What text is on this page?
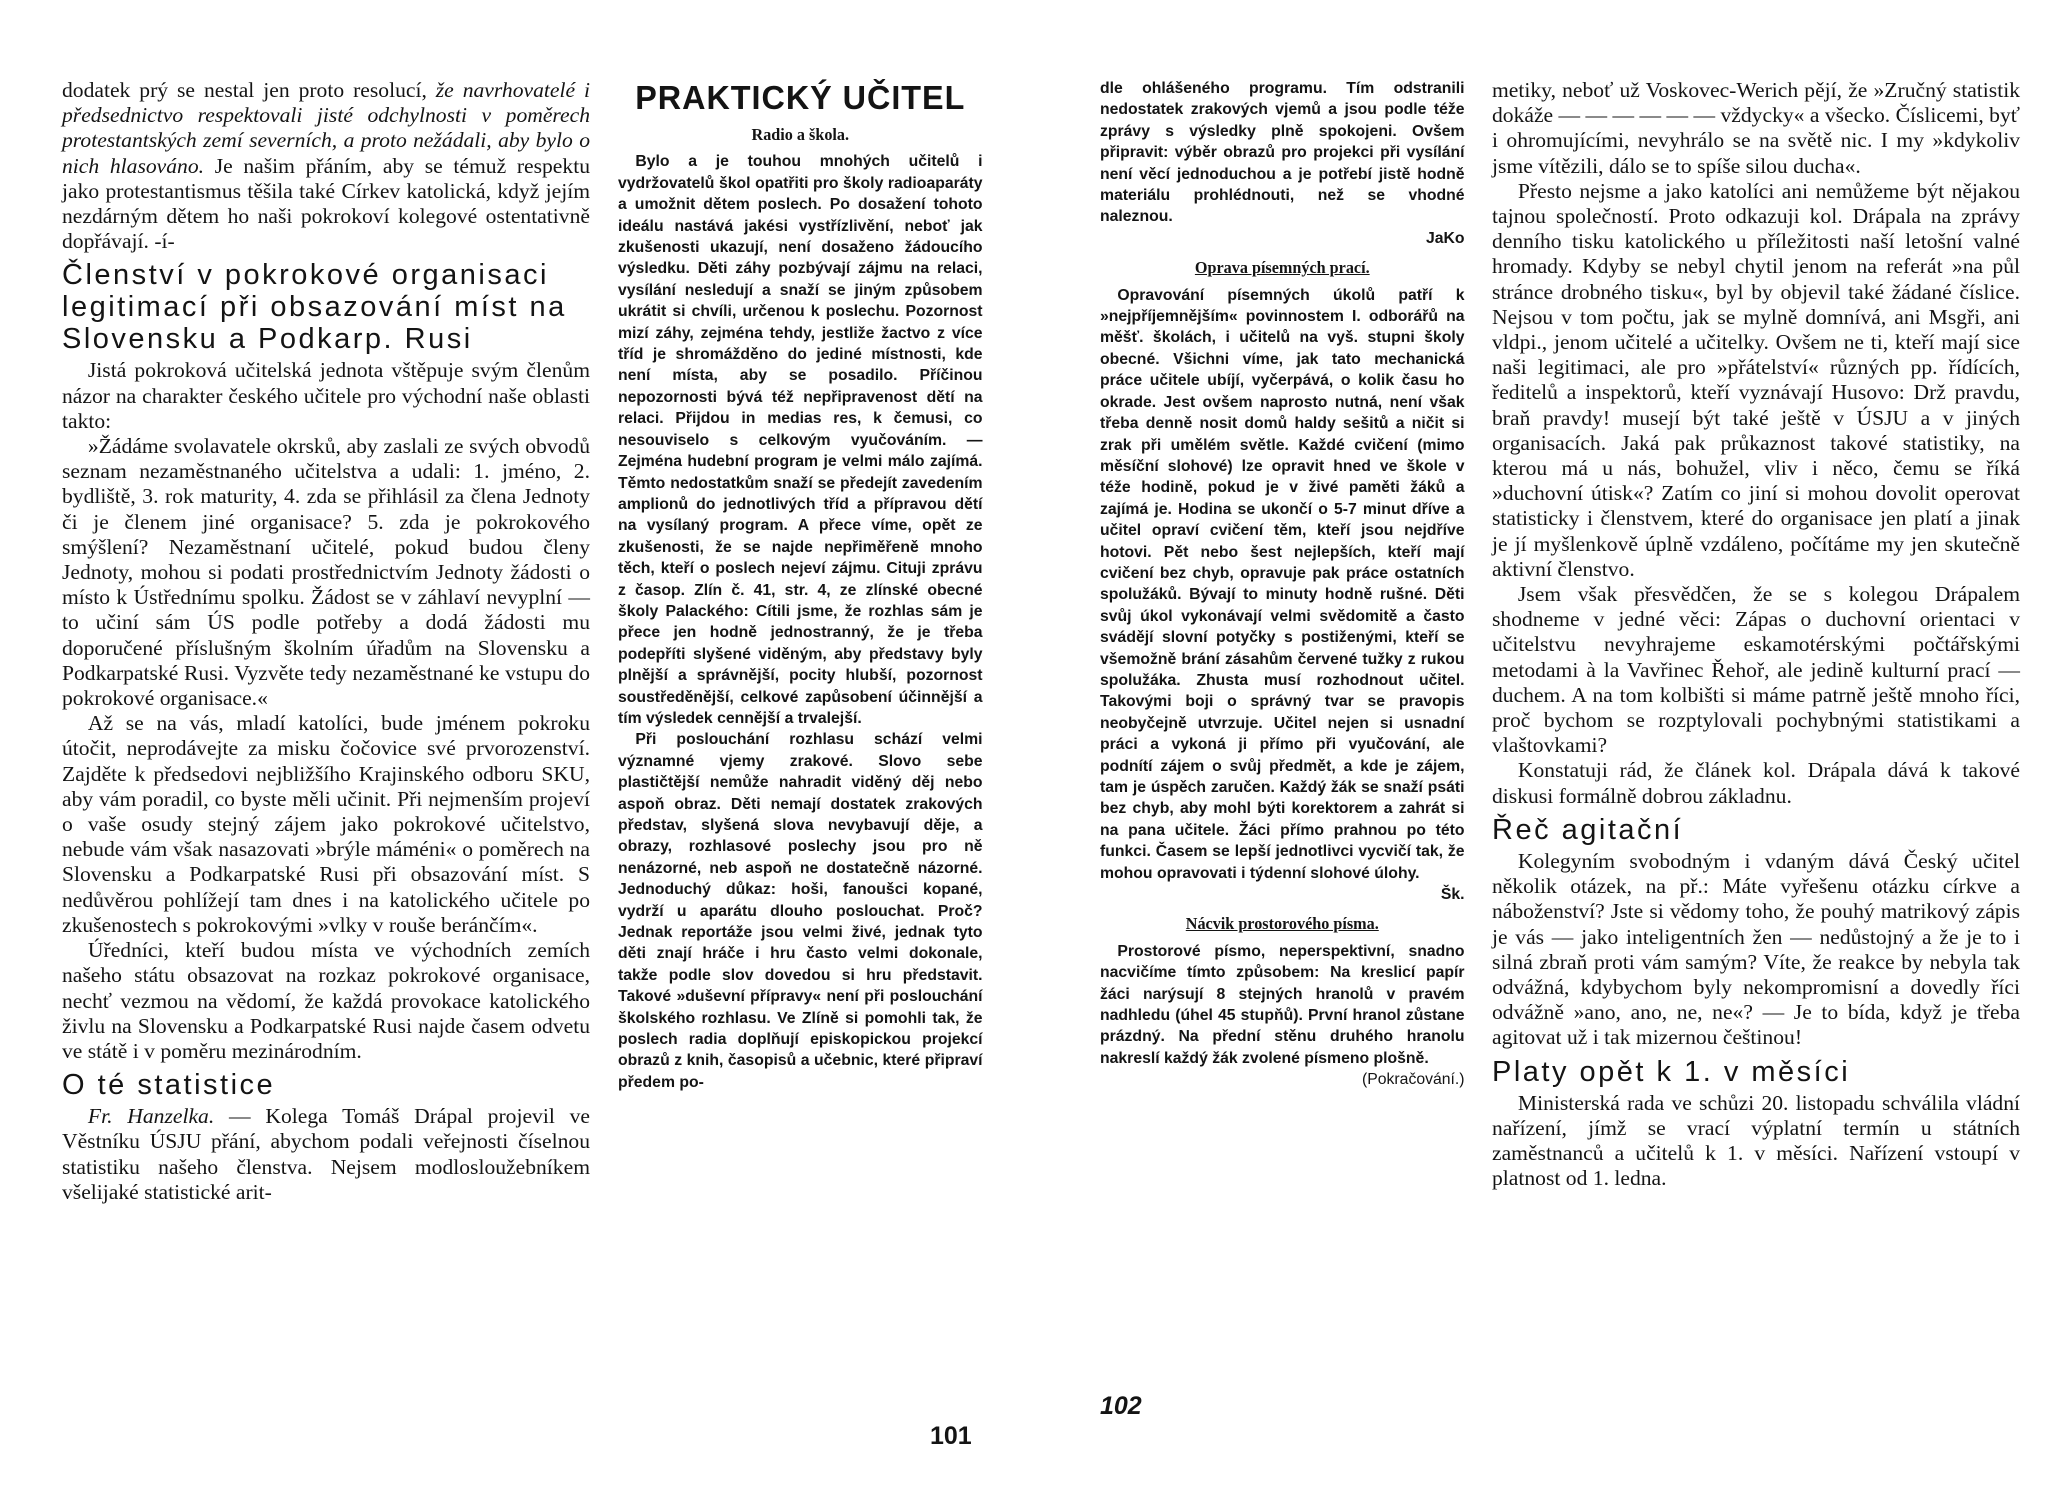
dodatek prý se nestal jen proto resolucí, že navrhovatelé i předsednictvo respektovali jisté odchylnosti v poměrech protestantských zemí severních, a proto nežádali, aby bylo o nich hlasováno. Je našim přáním, aby se témuž respektu jako protestantismus těšila také Církev katolická, když jejím nezdárným dětem ho naši pokrokoví kolegové ostentativně dopřávají. -í-

Členství v pokrokové organisaci legitimací při obsazování míst na Slovensku a Podkarp. Rusi

Jistá pokroková učitelská jednota vštěpuje svým členům názor na charakter českého učitele pro východní naše oblasti takto:

»Žádáme svolavatele okrsků, aby zaslali ze svých obvodů seznam nezaměstnaného učitelstva a udali: 1. jméno, 2. bydliště, 3. rok maturity, 4. zda se přihlásil za člena Jednoty či je členem jiné organisace? 5. zda je pokrokového smýšlení? Nezaměstnaní učitelé, pokud budou členy Jednoty, mohou si podati prostřednictvím Jednoty žádosti o místo k Ústřednímu spolku. Žádost se v záhlaví nevyplní — to učiní sám ÚS podle potřeby a dodá žádosti mu doporučené příslušným školním úřadům na Slovensku a Podkarpatské Rusi. Vyzvěte tedy nezaměstnané ke vstupu do pokrokové organisace.«

Až se na vás, mladí katolíci, bude jménem pokroku útočit, neprodávejte za misku čočovice své prvorozenství. Zajděte k předsedovi nejbližšího Krajinského odboru SKU, aby vám poradil, co byste měli učinit. Při nejmenším projeví o vaše osudy stejný zájem jako pokrokové učitelstvo, nebude vám však nasazovati »brýle máménі« o poměrech na Slovensku a Podkarpatské Rusi při obsazování míst. S nedůvěrou pohlížejí tam dnes i na katolického učitele po zkušenostech s pokrokovými »vlky v rouše beránčím«.

Úředníci, kteří budou místa ve východních zemích našeho státu obsazovat na rozkaz pokrokové organisace, nechť vezmou na vědomí, že každá provokace katolického živlu na Slovensku a Podkarpatské Rusi najde časem odvetu ve státě i v poměru mezinárodním.

O té statistice

Fr. Hanzelka. — Kolega Tomáš Drápal projevil ve Věstníku ÚSJU přání, abychom podali veřejnosti číselnou statistiku našeho členstva. Nejsem modlosloužebníkem všelijaké statistické arit-

PRAKTICKÝ UČITEL
Radio a škola.

Bylo a je touhou mnohých učitelů i vydržovatelů škol opatřiti pro školy radioaparáty a umožnit dětem poslech. Po dosažení tohoto ideálu nastává jakési vystřízlivění, neboť jak zkušenosti ukazují, není dosaženo žádoucího výsledku. Děti záhy pozbývají zájmu na relaci, vysílání nesledují a snaží se jiným způsobem ukrátit si chvíli, určenou k poslechu. Pozornost mizí záhy, zejména tehdy, jestliže žactvo z více tříd je shromážděno do jediné místnosti, kde není místa, aby se posadilo. Příčinou nepozornosti bývá též nepřipravenost dětí na relaci. Přijdou in medias res, k čemusi, co nesouviselo s celkovým vyučováním. — Zejména hudební program je velmi málo zajímá. Těmto nedostatkům snaží se předejít zavedením amplionů do jednotlivých tříd a přípravou dětí na vysílaný program. A přece víme, opět ze zkušenosti, že se najde nepřiměřeně mnoho těch, kteří o poslech nejeví zájmu. Cituji zprávu z časop. Zlín č. 41, str. 4, ze zlínské obecné školy Palackého: Cítili jsme, že rozhlas sám je přece jen hodně jednostranný, že je třeba podepříti slyšené viděným, aby představy byly plnější a správnější, pocity hlubší, pozornost soustředěnější, celkové zapůsobení účinnější a tím výsledek cennější a trvalejší.

Při poslouchání rozhlasu schází velmi významné vjemy zrakové. Slovo sebe plastičtější nemůže nahradit viděný děj nebo aspoň obraz. Děti nemají dostatek zrakových představ, slyšená slova nevybavují děje, a obrazy, rozhlasové poslechy jsou pro ně nenázorné, neb aspoň ne dostatečně názorné. Jednoduchý důkaz: hoši, fanoušci kopané, vydrží u aparátu dlouho poslouchat. Proč? Jednak reportáže jsou velmi živé, jednak tyto děti znají hráče i hru často velmi dokonale, takže podle slov dovedou si hru představit. Takové »duševní přípravy« není při poslouchání školského rozhlasu. Ve Zlíně si pomohli tak, že poslech radia doplňují episkopickou projekcí obrazů z knih, časopisů a učebnic, které připraví předem po-

101

dle ohlášeného programu. Tím odstranili nedostatek zrakových vjemů a jsou podle téže zprávy s výsledky plně spokojeni. Ovšem připravit: výběr obrazů pro projekci při vysílání není věcí jednoduchou a je potřebí jistě hodně materiálu prohlédnouti, než se vhodné naleznou.

JaKo
Oprava písemných prací.

Opravování písemných úkolů patří k »nejpříjemnějším« povinnostem I. odborářů na měšť. školách, i učitelů na vyš. stupni školy obecné. Všichni víme, jak tato mechanická práce učitele ubíjí, vyčerpává, o kolik času ho okrade. Jest ovšem naprosto nutná, není však třeba denně nosit domů haldy sešitů a ničit si zrak při umělém světle. Každé cvičení (mimo měsíční slohové) lze opravit hned ve škole v téže hodině, pokud je v živé paměti žáků a zajímá je. Hodina se ukončí o 5-7 minut dříve a učitel opraví cvičení těm, kteří jsou nejdříve hotovi. Pět nebo šest nejlepších, kteří mají cvičení bez chyb, opravuje pak práce ostatních spolužáků. Bývají to minuty hodně rušné. Děti svůj úkol vykonávají velmi svědomitě a často svádějí slovní potyčky s postiženými, kteří se všemožně brání zásahům červené tužky z rukou spolužáka. Zhusta musí rozhodnout učitel. Takovými boji o správný tvar se pravopis neobyčejně utvrzuje. Učitel nejen si usnadní práci a vykoná ji přímo při vyučování, ale podnítí zájem o svůj předmět, a kde je zájem, tam je úspěch zaručen. Každý žák se snaží psáti bez chyb, aby mohl býti korektorem a zahrát si na pana učitele. Žáci přímo prahnou po této funkci. Časem se lepší jednotlivci vycvičí tak, že mohou opravovati i týdenní slohové úlohy.

Šk.
Nácvik prostorového písma.

Prostorové písmo, neperspektivní, snadno nacvičíme tímto způsobem: Na kreslicí papír žáci narýsují 8 stejných hranolů v pravém nadhledu (úhel 45 stupňů). První hranol zůstane prázdný. Na přední stěnu druhého hranolu nakreslí každý žák zvolené písmeno plošně.

(Pokračování.)
102

metiky, neboť už Voskovec-Werich pějí, že »Zručný statistik dokáže — — — — — — vždycky« a všecko. Číslicemi, byť i ohromujícími, nevyhrálo se na světě nic. I my »kdykoliv jsme vítězili, dálo se to spíše silou ducha«.

Přesto nejsme a jako katolíci ani nemůžeme být nějakou tajnou společností. Proto odkazuji kol. Drápala na zprávy denního tisku katolického u příležitosti naší letošní valné hromady. Kdyby se nebyl chytil jenom na referát »na půl stránce drobného tisku«, byl by objevil také žádané číslice. Nejsou v tom počtu, jak se mylně domnívá, ani Msgři, ani vldpi., jenom učitelé a učitelky. Ovšem ne ti, kteří mají sice naši legitimaci, ale pro »přátelství« různých pp. řídících, ředitelů a inspektorů, kteří vyznávají Husovo: Drž pravdu, braň pravdy! musejí být také ještě v ÚSJU a v jiných organisacích. Jaká pak průkaznost takové statistiky, na kterou má u nás, bohužel, vliv i něco, čemu se říká »duchovní útisk«? Zatím co jiní si mohou dovolit operovat statisticky i členstvem, které do organisace jen platí a jinak je jí myšlenkově úplně vzdáleno, počítáme my jen skutečně aktivní členstvo.

Jsem však přesvědčen, že se s kolegou Drápalem shodneme v jedné věci: Zápas o duchovní orientaci v učitelstvu nevyhrajeme eskamotérskými počtářskými metodami à la Vavřinec Řehoř, ale jedině kulturní prací — duchem. A na tom kolbišti si máme patrně ještě mnoho říci, proč bychom se rozptylovali pochybnými statistikami a vlaštovkami?

Konstatuji rád, že článek kol. Drápala dává k takové diskusi formálně dobrou základnu.

Řeč agitační

Kolegyním svobodným i vdaným dává Český učitel několik otázek, na př.: Máte vyřešenu otázku církve a náboženství? Jste si vědomy toho, že pouhý matrikový zápis je vás — jako inteligentních žen — nedůstojný a že je to i silná zbraň proti vám samým? Víte, že reakce by nebyla tak odvážná, kdybychom byly nekompromisní a dovedly říci odvážně »ano, ano, ne, ne«? — Je to bída, když je třeba agitovat už i tak mizernou češtinou!

Platy opět k 1. v měsíci

Ministerská rada ve schůzi 20. listopadu schválila vládní nařízení, jímž se vrací výplatní termín u státních zaměstnanců a učitelů k 1. v měsíci. Nařízení vstoupí v platnost od 1. ledna.
